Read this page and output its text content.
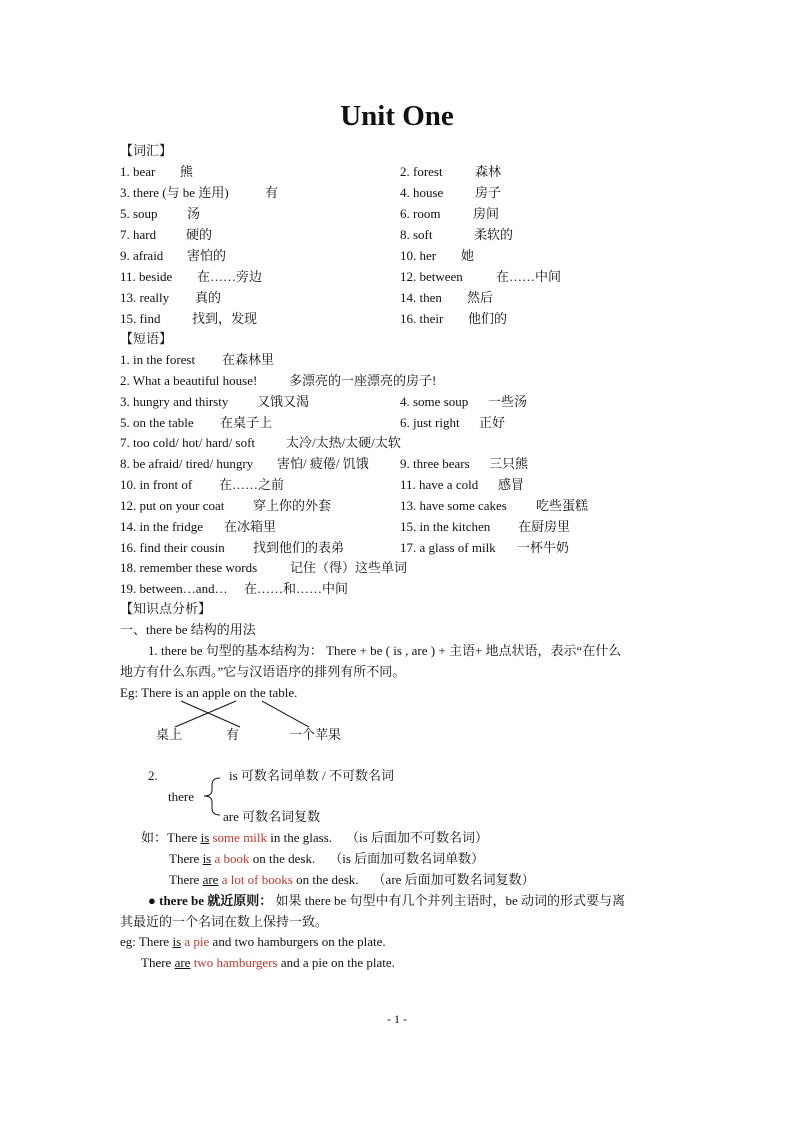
Unit One
【词汇】
1. bear 熊	2. forest 森林
3. there (与 be 连用)	有	4. house 房子
5. soup 汤	6. room	房间
7. hard 硬的	8. soft	柔软的
9. afraid 害怕的	10. her 她
11. beside 在……旁边	12. between	在……中间
13. really 真的	14. then 然后
15. find 找到，发现	16. their 他们的
【短语】
1. in the forest 在森林里
2. What a beautiful house! 多漂亮的一座漂亮的房子!
3. hungry and thirsty 又饿又渴	4. some soup 一些汤
5. on the table 在桌子上	6. just right 正好
7. too cold/ hot/ hard/ soft 太冷/太热/太硬/太软
8. be afraid/ tired/ hungry 害怕/ 疲倦/ 饥饿 9. three bears 三只熊
10. in front of 在……之前	11. have a cold 感冒
12. put on your coat 穿上你的外套	13. have some cakes 吃些蛋糕
14. in the fridge 在冰箱里	15. in the kitchen 在厨房里
16. find their cousin 找到他们的表弟	17. a glass of milk 一杯牛奶
18. remember these words	记住（得）这些单词
19. between…and… 在……和……中间
【知识点分析】
一、there be 结构的用法
1. there be 句型的基本结构为： There + be ( is , are ) + 主语+ 地点状语，表示“在什么
地方有什么东西。”它与汉语语序的排列有所不同。
Eg: There is an apple on the table.
桌上	有	一个苹果
2.	is 可数名词单数 / 不可数名词
there
are 可数名词复数
如：There is some milk in the glass. （is 后面加不可数名词）
There is a book on the desk. （is 后面加可数名词单数）
There are a lot of books on the desk. （are 后面加可数名词复数）
● there be 就近原则： 如果 there be 句型中有几个并列主语时，be 动词的形式要与离
其最近的一个名词在数上保持一致。
eg: There is a pie and two hamburgers on the plate.
There are two hamburgers and a pie on the plate.
- 1 -
